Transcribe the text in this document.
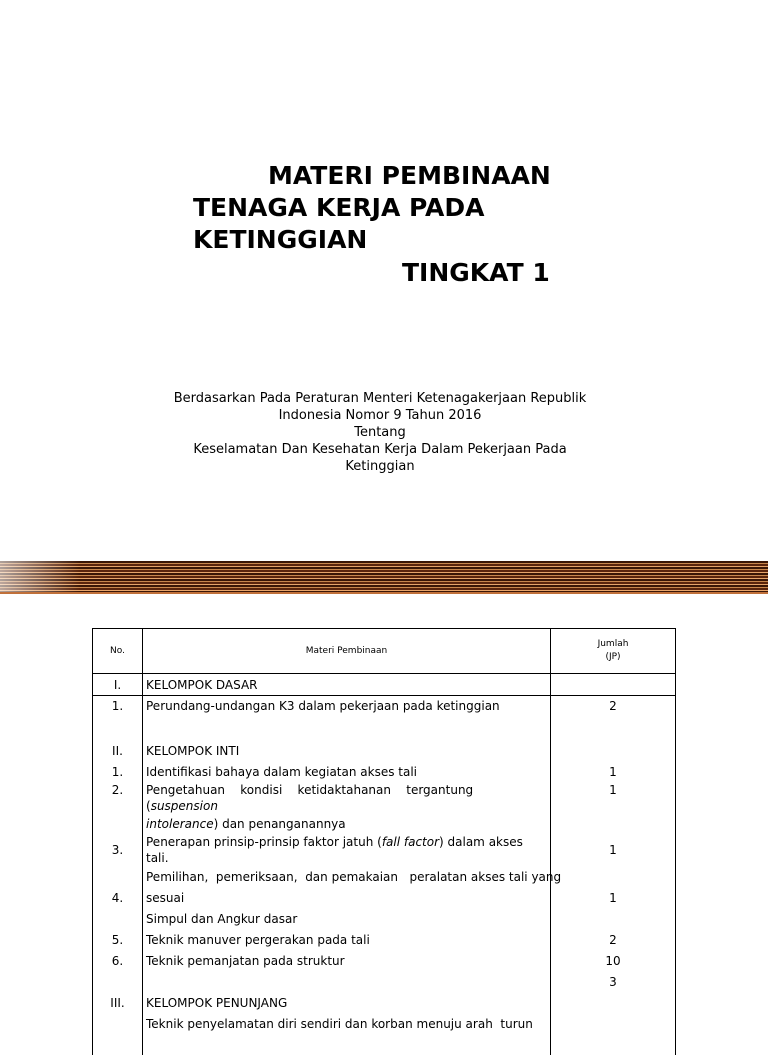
MATERI PEMBINAAN
TENAGA KERJA PADA
KETINGGIAN
TINGKAT 1
Berdasarkan Pada Peraturan Menteri Ketenagakerjaan Republik
Indonesia Nomor 9 Tahun 2016
Tentang
Keselamatan Dan Kesehatan Kerja Dalam Pekerjaan Pada
Ketinggian
No.	Materi Pembinaan	Jumlah
(JP)

I.	KELOMPOK DASAR	
1.	Perundang-undangan K3 dalam pekerjaan pada ketinggian	2
II.	KELOMPOK INTI	
1.	Identifikasi bahaya dalam kegiatan akses tali	1
2.	Pengetahuan    kondisi    ketidaktahanan    tergantung
(suspension
intolerance) dan penanganannya	1
3.	Penerapan prinsip-prinsip faktor jatuh (fall factor) dalam akses tali.	1
	Pemilihan,  pemeriksaan,  dan pemakaian   peralatan akses tali yang	
4.	sesuai	1
	Simpul dan Angkur dasar	
5.	Teknik manuver pergerakan pada tali	2
6.	Teknik pemanjatan pada struktur	10
		3
III.	KELOMPOK PENUNJANG	
	Teknik penyelamatan diri sendiri dan korban menuju arah  turun	
